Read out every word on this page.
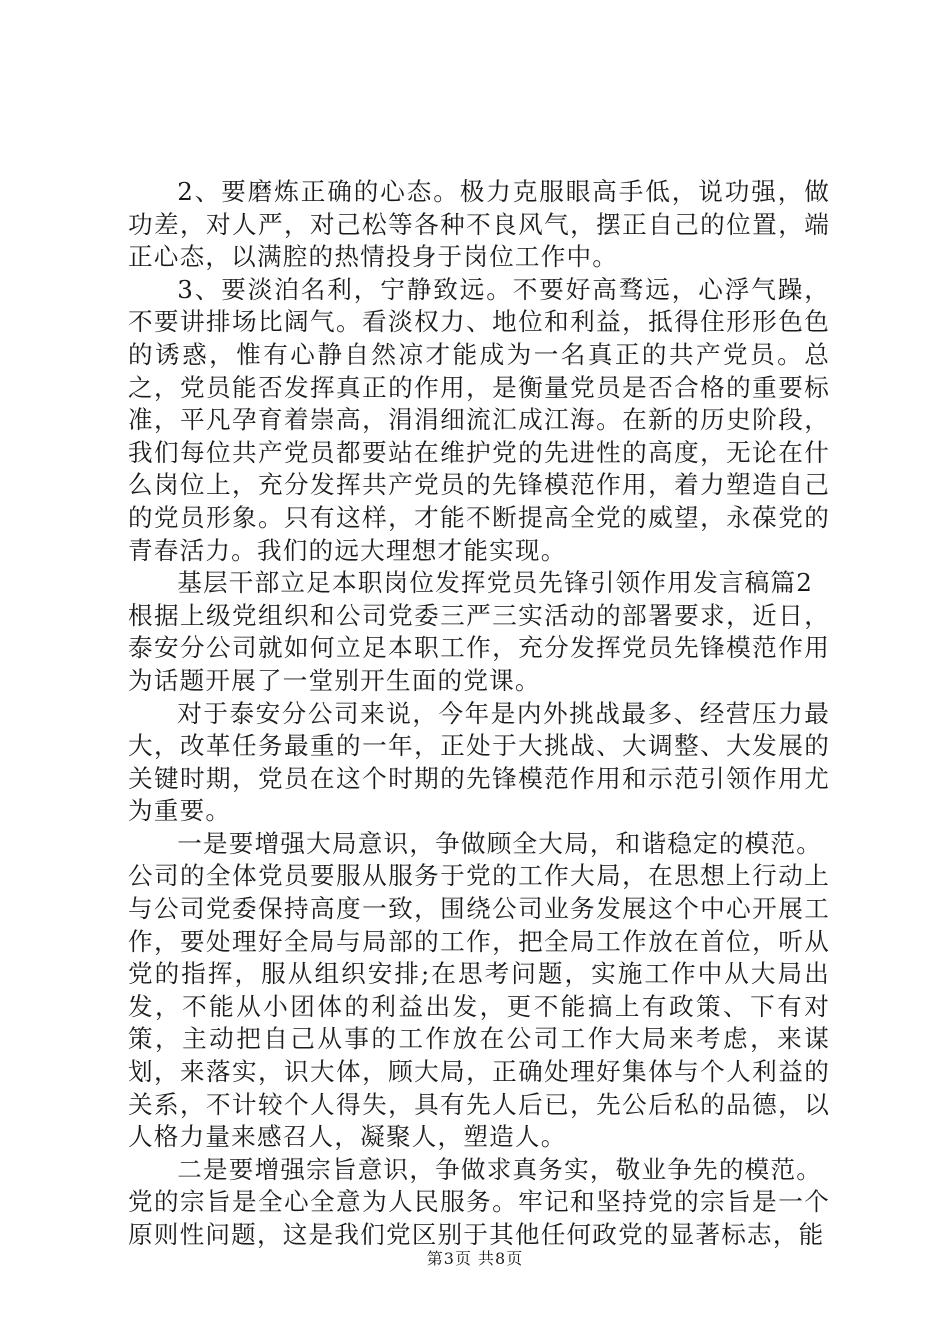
2、要磨炼正确的心态。极力克服眼高手低，说功强，做功差，对人严，对己松等各种不良风气，摆正自己的位置，端正心态，以满腔的热情投身于岗位工作中。

3、要淡泊名利，宁静致远。不要好高骛远，心浮气躁，不要讲排场比阔气。看淡权力、地位和利益，抵得住形形色色的诱惑，惟有心静自然凉才能成为一名真正的共产党员。总之，党员能否发挥真正的作用，是衡量党员是否合格的重要标准，平凡孕育着崇高，涓涓细流汇成江海。在新的历史阶段，我们每位共产党员都要站在维护党的先进性的高度，无论在什么岗位上，充分发挥共产党员的先锋模范作用，着力塑造自己的党员形象。只有这样，才能不断提高全党的威望，永葆党的青春活力。我们的远大理想才能实现。

基层干部立足本职岗位发挥党员先锋引领作用发言稿篇2

根据上级党组织和公司党委三严三实活动的部署要求，近日，泰安分公司就如何立足本职工作，充分发挥党员先锋模范作用为话题开展了一堂别开生面的党课。

对于泰安分公司来说，今年是内外挑战最多、经营压力最大，改革任务最重的一年，正处于大挑战、大调整、大发展的关键时期，党员在这个时期的先锋模范作用和示范引领作用尤为重要。

一是要增强大局意识，争做顾全大局，和谐稳定的模范。

公司的全体党员要服从服务于党的工作大局，在思想上行动上与公司党委保持高度一致，围绕公司业务发展这个中心开展工作，要处理好全局与局部的工作，把全局工作放在首位，听从党的指挥，服从组织安排;在思考问题，实施工作中从大局出发，不能从小团体的利益出发，更不能搞上有政策、下有对策，主动把自己从事的工作放在公司工作大局来考虑，来谋划，来落实，识大体，顾大局，正确处理好集体与个人利益的关系，不计较个人得失，具有先人后已，先公后私的品德，以人格力量来感召人，凝聚人，塑造人。

二是要增强宗旨意识，争做求真务实，敬业争先的模范。

党的宗旨是全心全意为人民服务。牢记和坚持党的宗旨是一个原则性问题，这是我们党区别于其他任何政党的显著标志，能

第3页 共8页
